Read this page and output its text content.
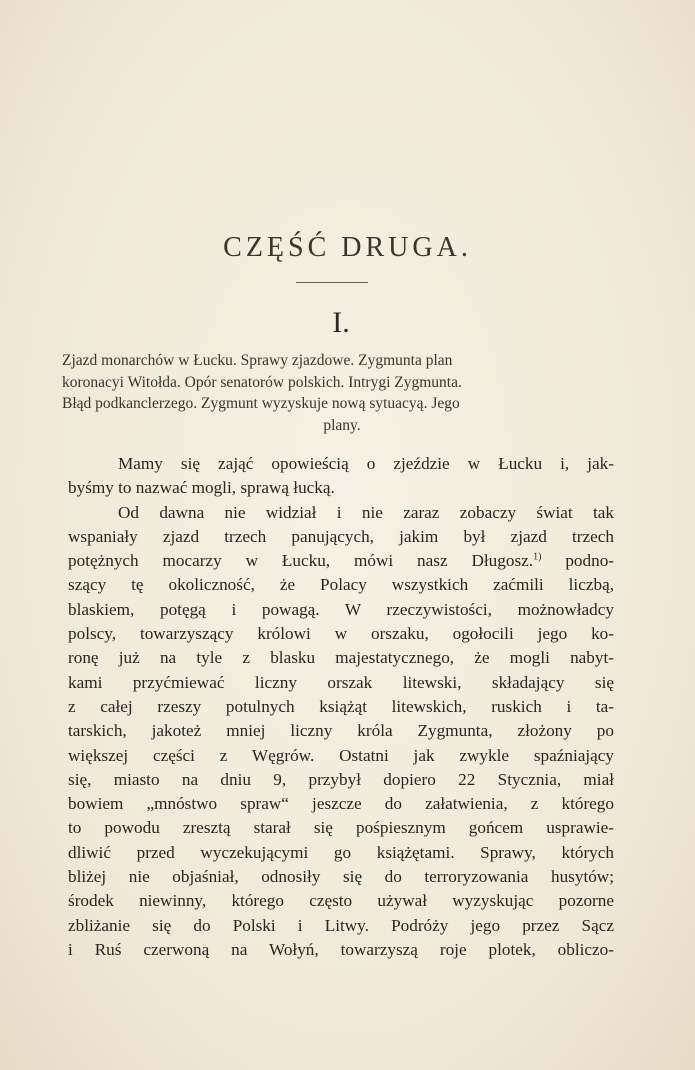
CZĘŚĆ DRUGA.
I.
Zjazd monarchów w Łucku. Sprawy zjazdowe. Zygmunta plan
koronacyi Witołda. Opór senatorów polskich. Intrygi Zygmunta.
Błąd podkanclerzego. Zygmunt wyzyskuje nową sytuacyą. Jego
plany.
Mamy się zająć opowieścią o zjeździe w Łucku i, jak-
byśmy to nazwać mogli, sprawą łucką.
Od dawna nie widział i nie zaraz zobaczy świat tak
wspaniały zjazd trzech panujących, jakim był zjazd trzech
potężnych mocarzy w Łucku, mówi nasz Długosz.$^{1)}$ podno-
szący tę okoliczność, że Polacy wszystkich zaćmili liczbą,
blaskiem, potęgą i powagą. W rzeczywistości, możnowładcy
polscy, towarzyszący królowi w orszaku, ogołocili jego ko-
ronę już na tyle z blasku majestatycznego, że mogli nabyt-
kami przyćmiewać liczny orszak litewski, składający się
z całej rzeszy potulnych książąt litewskich, ruskich i ta-
tarskich, jakoteż mniej liczny króla Zygmunta, złożony po
większej części z Węgrów. Ostatni jak zwykle spaźniający
się, miasto na dniu 9, przybył dopiero 22 Stycznia, miał
bowiem „mnóstwo spraw“ jeszcze do załatwienia, z którego
to powodu zresztą starał się pośpiesznym gońcem usprawie-
dliwić przed wyczekującymi go książętami. Sprawy, których
bliżej nie objaśniał, odnosiły się do terroryzowania husytów;
środek niewinny, którego często używał wyzyskując pozorne
zbliżanie się do Polski i Litwy. Podróży jego przez Sącz
i Ruś czerwoną na Wołyń, towarzyszą roje plotek, obliczo-
